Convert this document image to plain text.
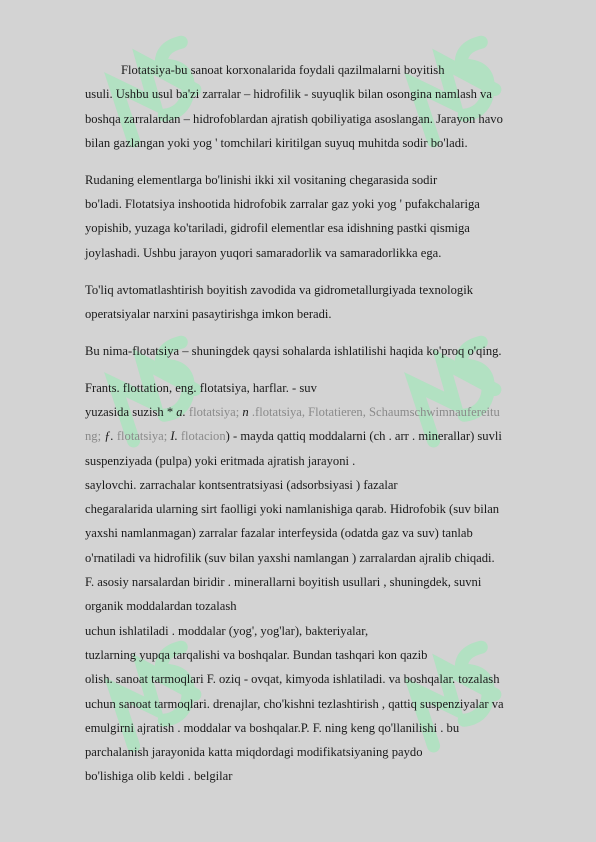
Flotatsiya-bu sanoat korxonalarida foydali qazilmalarni boyitish
usuli. Ushbu usul ba'zi zarralar – hidrofilik - suyuqlik bilan osongina namlash va
boshqa zarralardan – hidrofoblardan ajratish qobiliyatiga asoslangan. Jarayon havo
bilan gazlangan yoki yog ' tomchilari kiritilgan suyuq muhitda sodir bo'ladi.
Rudaning elementlarga bo'linishi ikki xil vositaning chegarasida sodir
bo'ladi. Flotatsiya inshootida hidrofobik zarralar gaz yoki yog ' pufakchalariga
yopishib, yuzaga ko'tariladi, gidrofil elementlar esa idishning pastki qismiga
joylashadi. Ushbu jarayon yuqori samaradorlik va samaradorlikka ega.
To'liq avtomatlashtirish boyitish zavodida va gidrometallurgiyada texnologik
operatsiyalar narxini pasaytirishga imkon beradi.
Bu nima-flotatsiya – shuningdek qaysi sohalarda ishlatilishi haqida ko'proq o'qing.
Frants. flottation, eng. flotatsiya, harflar. - suv
yuzasida suzish * a. flotatsiya; n .flotatsiya, Flotatieren, Schaumschwimnaufereitu
ng; ƒ. flotatsiya; I. flotacion) - mayda qattiq moddalarni (ch . arr . minerallar) suvli
suspenziyada (pulpa) yoki eritmada ajratish jarayoni .
saylovchi. zarrachalar kontsentratsiyasi (adsorbsiyasi ) fazalar
chegaralarida ularning sirt faolligi yoki namlanishiga qarab. Hidrofobik (suv bilan
yaxshi namlanmagan) zarralar fazalar interfeysida (odatda gaz va suv) tanlab
o'rnatiladi va hidrofilik (suv bilan yaxshi namlangan ) zarralardan ajralib chiqadi.
F. asosiy narsalardan biridir . minerallarni boyitish usullari , shuningdek, suvni
organik moddalardan tozalash
uchun ishlatiladi . moddalar (yog', yog'lar), bakteriyalar,
tuzlarning yupqa tarqalishi va boshqalar. Bundan tashqari kon qazib
olish. sanoat tarmoqlari F. oziq - ovqat, kimyoda ishlatiladi. va boshqalar. tozalash
uchun sanoat tarmoqlari. drenajlar, cho'kishni tezlashtirish , qattiq suspenziyalar va
emulgirni ajratish . moddalar va boshqalar.P. F. ning keng qo'llanilishi . bu
parchalanish jarayonida katta miqdordagi modifikatsiyaning paydo
bo'lishiga olib keldi . belgilar
